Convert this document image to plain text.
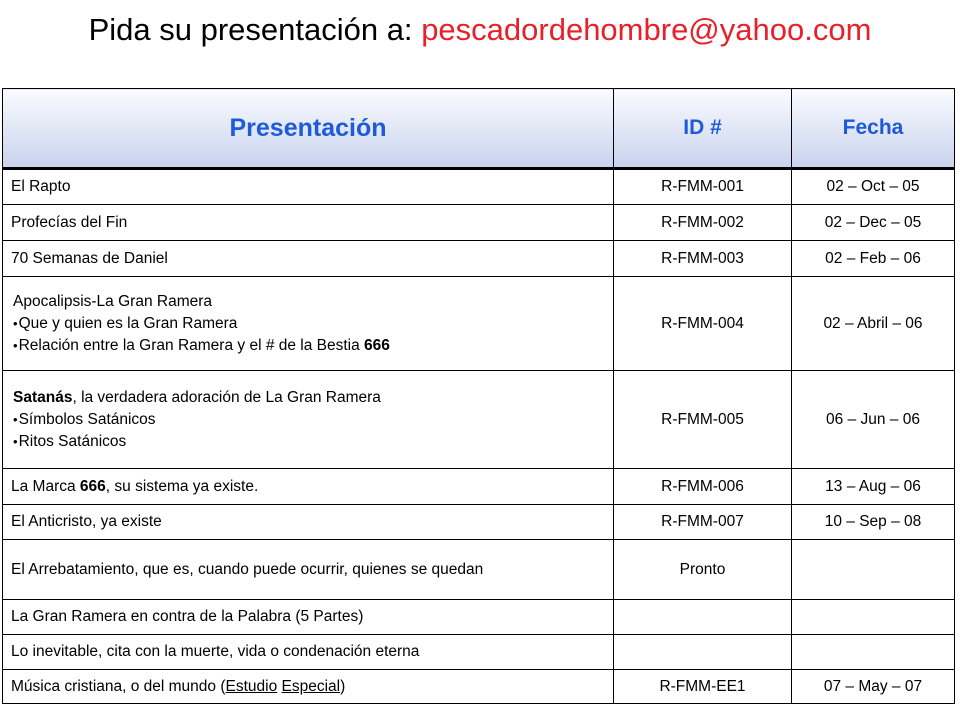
Pida su presentación a: pescadordehombre@yahoo.com
Presentación	ID #	Fecha
El Rapto	R-FMM-001	02 – Oct – 05
Profecías del Fin	R-FMM-002	02 – Dec – 05
70 Semanas de Daniel	R-FMM-003	02 – Feb – 06

Apocalipsis-La Gran Ramera
•Que y quien es la Gran Ramera
•Relación entre la Gran Ramera y el # de la Bestia 666	R-FMM-004	02 – Abril – 06

Satanás, la verdadera adoración de La Gran Ramera
•Símbolos Satánicos
•Ritos Satánicos	R-FMM-005	06 – Jun – 06
La Marca 666, su sistema ya existe.	R-FMM-006	13 – Aug – 06
El Anticristo, ya existe	R-FMM-007	10 – Sep – 08
El Arrebatamiento, que es, cuando puede ocurrir, quienes se quedan	Pronto	
La Gran Ramera en contra de la Palabra (5 Partes)		
Lo inevitable, cita con la muerte, vida o condenación eterna		
Música cristiana, o del mundo (Estudio Especial)	R-FMM-EE1	07 – May – 07
